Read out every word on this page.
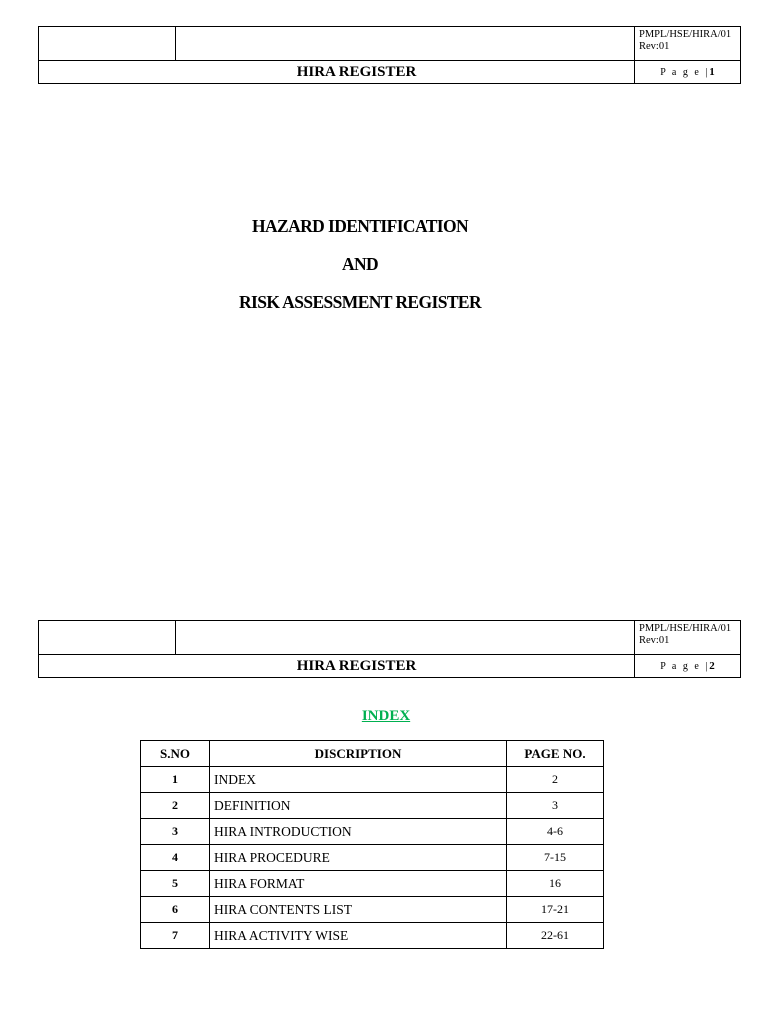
		PMPL/HSE/HIRA/01
Rev:01

HIRA REGISTER		P a g e |1
HAZARD IDENTIFICATION
AND
RISK ASSESSMENT REGISTER

		PMPL/HSE/HIRA/01
Rev:01

HIRA REGISTER		P a g e |2
INDEX
S.NO	DISCRIPTION	PAGE NO.
1	INDEX	2
2	DEFINITION	3
3	HIRA INTRODUCTION	4-6
4	HIRA PROCEDURE	7-15
5	HIRA FORMAT	16
6	HIRA CONTENTS LIST	17-21
7	HIRA ACTIVITY WISE	22-61
